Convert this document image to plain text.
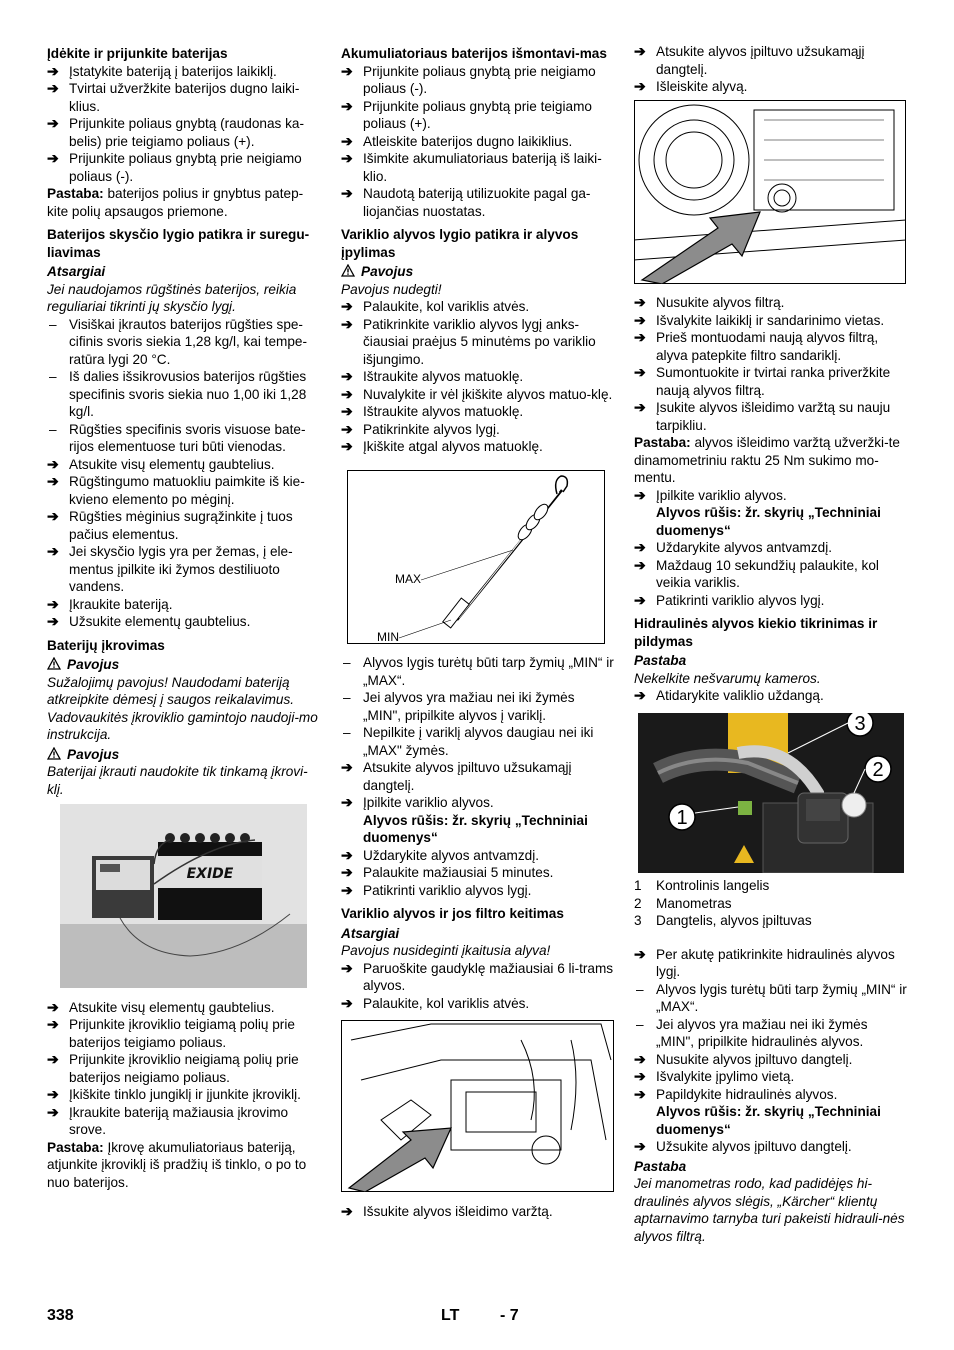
Įdėkite ir prijunkite baterijas

➔ Įstatykite bateriją į baterijos laikiklį.

➔ Tvirtai užveržkite baterijos dugno laiki-klius.

➔ Prijunkite poliaus gnybtą (raudonas ka-belis) prie teigiamo poliaus (+).

➔ Prijunkite poliaus gnybtą prie neigiamo poliaus (-).

Pastaba: baterijos polius ir gnybtus patep-kite polių apsaugos priemone.

Baterijos skysčio lygio patikra ir suregu-liavimas

Atsargiai

Jei naudojamos rūgštinės baterijos, reikia reguliariai tikrinti jų skysčio lygį.

– Visiškai įkrautos baterijos rūgšties spe-cifinis svoris siekia 1,28 kg/l, kai tempe-ratūra lygi 20 °C.

– Iš dalies išsikrovusios baterijos rūgšties specifinis svoris siekia nuo 1,00 iki 1,28 kg/l.

– Rūgšties specifinis svoris visuose bate-rijos elementuose turi būti vienodas.

➔ Atsukite visų elementų gaubtelius.

➔ Rūgštingumo matuokliu paimkite iš kie-kvieno elemento po mėginį.

➔ Rūgšties mėginius sugrąžinkite į tuos pačius elementus.

➔ Jei skysčio lygis yra per žemas, į ele-mentus įpilkite iki žymos destiliuoto vandens.

➔ Įkraukite bateriją.

➔ Užsukite elementų gaubtelius.

Baterijų įkrovimas

Pavojus

Sužalojimų pavojus! Naudodami bateriją atkreipkite dėmesį į saugos reikalavimus. Vadovaukitės įkroviklio gamintojo naudoji-mo instrukcija.

Pavojus

Baterijai įkrauti naudokite tik tinkamą įkrovi-klį.

EXIDE

➔ Atsukite visų elementų gaubtelius.

➔ Prijunkite įkroviklio teigiamą polių prie baterijos teigiamo poliaus.

➔ Prijunkite įkroviklio neigiamą polių prie baterijos neigiamo poliaus.

➔ Įkiškite tinklo jungiklį ir įjunkite įkroviklį.

➔ Įkraukite bateriją mažiausia įkrovimo srove.

Pastaba: Įkrovę akumuliatoriaus bateriją, atjunkite įkroviklį iš pradžių iš tinklo, o po to nuo baterijos.

Akumuliatoriaus baterijos išmontavi-mas

➔ Prijunkite poliaus gnybtą prie neigiamo poliaus (-).

➔ Prijunkite poliaus gnybtą prie teigiamo poliaus (+).

➔ Atleiskite baterijos dugno laikiklius.

➔ Išimkite akumuliatoriaus bateriją iš laiki-klio.

➔ Naudotą bateriją utilizuokite pagal ga-liojančias nuostatas.

Variklio alyvos lygio patikra ir alyvos įpylimas

Pavojus

Pavojus nudegti!

➔ Palaukite, kol variklis atvės.

➔ Patikrinkite variklio alyvos lygį anks-čiausiai praėjus 5 minutėms po variklio išjungimo.

➔ Ištraukite alyvos matuoklę.

➔ Nuvalykite ir vėl įkiškite alyvos matuo-klę.

➔ Ištraukite alyvos matuoklę.

➔ Patikrinkite alyvos lygį.

➔ Įkiškite atgal alyvos matuoklę.

MAX
MIN

– Alyvos lygis turėtų būti tarp žymių „MIN“ ir „MAX“.

– Jei alyvos yra mažiau nei iki žymės „MIN", pripilkite alyvos į variklį.

– Nepilkite į variklį alyvos daugiau nei iki „MAX" žymės.

➔ Atsukite alyvos įpiltuvo užsukamąjį dangtelį.

➔ Įpilkite variklio alyvos.

Alyvos rūšis: žr. skyrių „Techniniai duomenys“

➔ Uždarykite alyvos antvamzdį.

➔ Palaukite mažiausiai 5 minutes.

➔ Patikrinti variklio alyvos lygį.

Variklio alyvos ir jos filtro keitimas

Atsargiai

Pavojus nusideginti įkaitusia alyva!

➔ Paruoškite gaudyklę mažiausiai 6 li-trams alyvos.

➔ Palaukite, kol variklis atvės.

➔ Išsukite alyvos išleidimo varžtą.

➔ Atsukite alyvos įpiltuvo užsukamąjį dangtelį.

➔ Išleiskite alyvą.

➔ Nusukite alyvos filtrą.

➔ Išvalykite laikiklį ir sandarinimo vietas.

➔ Prieš montuodami naują alyvos filtrą, alyva patepkite filtro sandariklį.

➔ Sumontuokite ir tvirtai ranka priveržkite naują alyvos filtrą.

➔ Įsukite alyvos išleidimo varžtą su nauju tarpikliu.

Pastaba: alyvos išleidimo varžtą užveržki-te dinamometriniu raktu 25 Nm sukimo mo-mentu.

➔ Įpilkite variklio alyvos.

Alyvos rūšis: žr. skyrių „Techniniai duomenys“

➔ Uždarykite alyvos antvamzdį.

➔ Maždaug 10 sekundžių palaukite, kol veikia variklis.

➔ Patikrinti variklio alyvos lygį.

Hidraulinės alyvos kiekio tikrinimas ir pildymas

Pastaba

Nekelkite nešvarumų kameros.

➔ Atidarykite valiklio uždangą.

3
2
1

1 Kontrolinis langelis

2 Manometras

3 Dangtelis, alyvos įpiltuvas

➔ Per akutę patikrinkite hidraulinės alyvos lygį.

– Alyvos lygis turėtų būti tarp žymių „MIN“ ir „MAX“.

– Jei alyvos yra mažiau nei iki žymės „MIN", pripilkite hidraulinės alyvos.

➔ Nusukite alyvos įpiltuvo dangtelį.

➔ Išvalykite įpylimo vietą.

➔ Papildykite hidraulinės alyvos.

Alyvos rūšis: žr. skyrių „Techniniai duomenys“

➔ Užsukite alyvos įpiltuvo dangtelį.

Pastaba

Jei manometras rodo, kad padidėjęs hi-draulinės alyvos slėgis, „Kärcher“ klientų aptarnavimo tarnyba turi pakeisti hidrauli-nės alyvos filtrą.

338	LT	- 7
